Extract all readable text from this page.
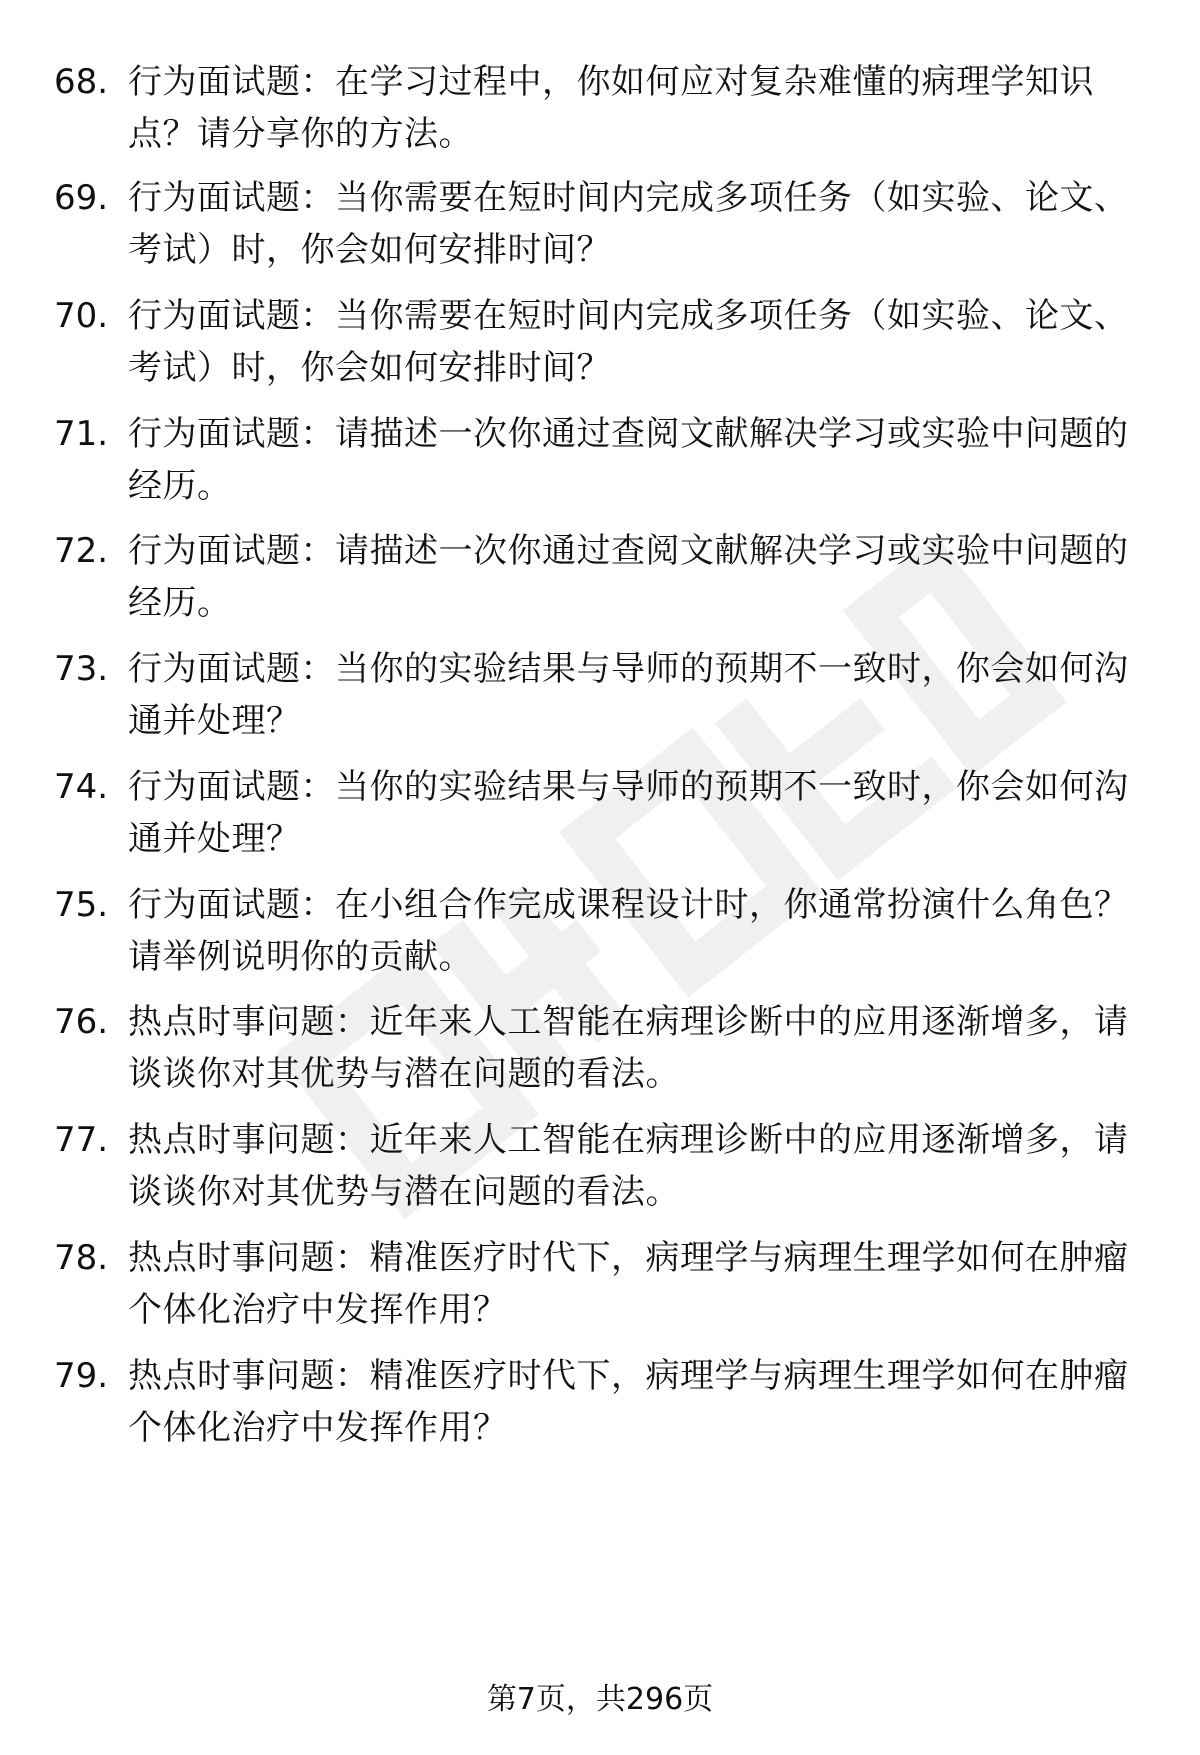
68. 行为面试题：在学习过程中，你如何应对复杂难懂的病理学知识点？请分享你的方法。
69. 行为面试题：当你需要在短时间内完成多项任务（如实验、论文、考试）时，你会如何安排时间？
70. 行为面试题：当你需要在短时间内完成多项任务（如实验、论文、考试）时，你会如何安排时间？
71. 行为面试题：请描述一次你通过查阅文献解决学习或实验中问题的经历。
72. 行为面试题：请描述一次你通过查阅文献解决学习或实验中问题的经历。
73. 行为面试题：当你的实验结果与导师的预期不一致时，你会如何沟通并处理？
74. 行为面试题：当你的实验结果与导师的预期不一致时，你会如何沟通并处理？
75. 行为面试题：在小组合作完成课程设计时，你通常扮演什么角色？请举例说明你的贡献。
76. 热点时事问题：近年来人工智能在病理诊断中的应用逐渐增多，请谈谈你对其优势与潜在问题的看法。
77. 热点时事问题：近年来人工智能在病理诊断中的应用逐渐增多，请谈谈你对其优势与潜在问题的看法。
78. 热点时事问题：精准医疗时代下，病理学与病理生理学如何在肿瘤个体化治疗中发挥作用？
79. 热点时事问题：精准医疗时代下，病理学与病理生理学如何在肿瘤个体化治疗中发挥作用？
第7页，共296页
